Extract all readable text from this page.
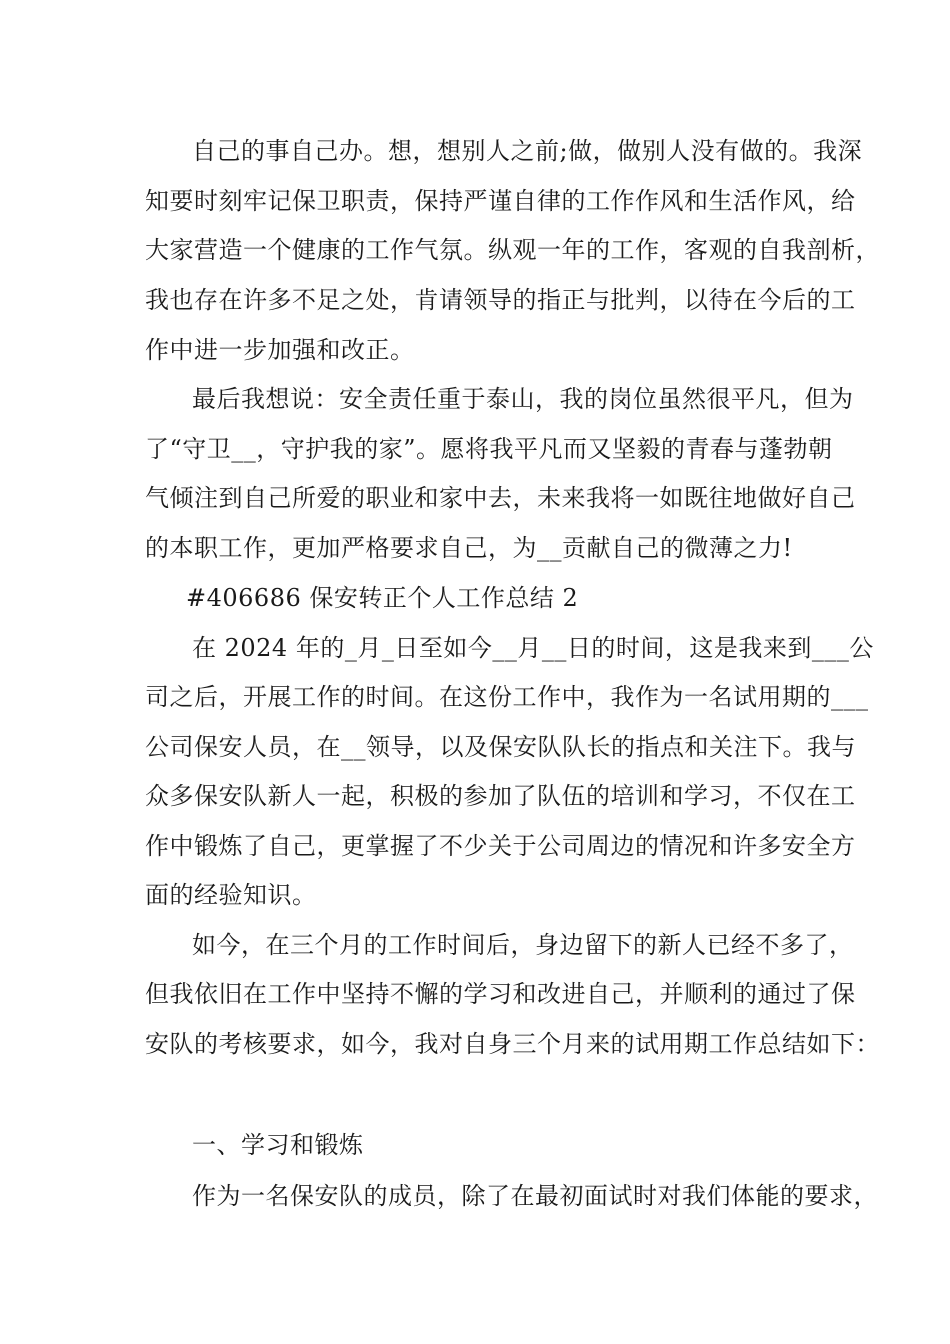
自己的事自己办。想，想别人之前;做，做别人没有做的。我深
知要时刻牢记保卫职责，保持严谨自律的工作作风和生活作风，给
大家营造一个健康的工作气氛。纵观一年的工作，客观的自我剖析，
我也存在许多不足之处，肯请领导的指正与批判，以待在今后的工
作中进一步加强和改正。
最后我想说：安全责任重于泰山，我的岗位虽然很平凡，但为
了“守卫__，守护我的家”。愿将我平凡而又坚毅的青春与蓬勃朝
气倾注到自己所爱的职业和家中去，未来我将一如既往地做好自己
的本职工作，更加严格要求自己，为__贡献自己的微薄之力!
#406686 保安转正个人工作总结 2
在 2024 年的_月_日至如今__月__日的时间，这是我来到___公
司之后，开展工作的时间。在这份工作中，我作为一名试用期的___
公司保安人员，在__领导，以及保安队队长的指点和关注下。我与
众多保安队新人一起，积极的参加了队伍的培训和学习，不仅在工
作中锻炼了自己，更掌握了不少关于公司周边的情况和许多安全方
面的经验知识。
如今，在三个月的工作时间后，身边留下的新人已经不多了，
但我依旧在工作中坚持不懈的学习和改进自己，并顺利的通过了保
安队的考核要求，如今，我对自身三个月来的试用期工作总结如下：
一、学习和锻炼
作为一名保安队的成员，除了在最初面试时对我们体能的要求，
